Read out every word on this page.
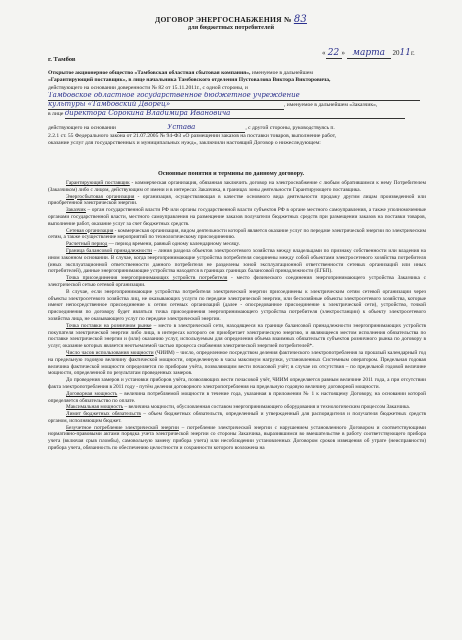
ДОГОВОР ЭНЕРГОСНАБЖЕНИЯ № 83
для бюджетных потребителей
г. Тамбов
« 22 » марта 2011г.
Открытое акционерное общество «Тамбовская областная сбытовая компания», именуемое в дальнейшем
«Гарантирующий поставщик», в лице начальника Тамбовского отделения Пустовалова Виктора Викторовича,
действующего на основании доверенности № 82 от 15.11.2011г., с одной стороны, и
Тамбовское областное государственное бюджетное учреждение
культуры «Тамбовский Дворец»	, именуемое в дальнейшем «Заказчик»,
в лице директора Сорокина Владимира Ивановича
действующего на основании	Устава	, с другой стороны, руководствуясь п.
2.2.1 ст. 55 Федерального закона от 21.07.2005 № 94-ФЗ «О размещении заказов на поставки товаров, выполнение работ,
оказание услуг для государственных и муниципальных нужд», заключили настоящий Договор о нижеследующем:
Основные понятия и термины по данному договору.

Гарантирующий поставщик - коммерческая организация, обязанная заключить договор на электроснабжение с любым обратившимся к нему Потребителем (Заказчиком) либо с лицом, действующим от имени и в интересах Заказчика, в границах зоны деятельности Гарантирующего поставщика.

Энергосбытовая организация - организация, осуществляющая в качестве основного вида деятельности продажу другим лицам произведенной или приобретенной электрической энергии.

Заказчик – орган государственной власти РФ или органы государственной власти субъектов РФ в органе местного самоуправления, а также уполномоченные органами государственной власти, местного самоуправления на размещение заказов получатели бюджетных средств при размещении заказов на поставки товаров, выполнение работ, оказание услуг за счет бюджетных средств.

Сетевая организация - коммерческая организация, видом деятельности которой является оказание услуг по передаче электрической энергии по электрическим сетям, а также осуществление мероприятий по технологическому присоединению.

Расчетный период — период времени, равный одному календарному месяцу.

Граница балансовой принадлежности – линия раздела объектов электросетевого хозяйства между владельцами по признаку собственности или владения на ином законном основании. В случае, когда энергопринимающие устройства потребителя соединены между собой объектами электросетевого хозяйства потребителя (иных эксплуатационной ответственности данного потребителя не разделены зоной эксплуатационной ответственности сетевых организаций или иных потребителей), данные энергопринимающие устройства находятся в границах границах балансовой принадлежности (ЕГБП).

Точка присоединения энергопринимающих устройств потребителя - место физического соединения энергопринимающего устройства Заказчика с электрической сетью сетевой организации.

В случае, если энергопринимающие устройства потребителя электрической энергии присоединены к электрическим сетям сетевой организации через объекты электросетевого хозяйства лиц, не оказывающих услуги по передаче электрической энергии, или бесхозяйные объекты электросетевого хозяйства, которые имеют непосредственное присоединение к сетям сетевых организаций (далее - опосредованное присоединение к электрической сети), устройство, точкой присоединения по договору будет являться точка присоединения энергопринимающего устройства потребителя (электростанции) к объекту электросетевого хозяйства лица, не оказывающего услуг по передаче электрической энергии.

Точка поставки на розничном рынке – место в электрической сети, находящееся на границе балансовой принадлежности энергопринимающих устройств покупателя электрической энергии либо лица, в интересах которого он приобретает электрическую энергию, и являющееся местом исполнения обязательства по поставке электрической энергии и (или) оказанию услуг, используемым для определения объема взаимных обязательств субъектов розничного рынка по договору в услуг, оказание которых является неотъемлемой частью процесса снабжения электрической энергией потребителей*.

Число часов использования мощности (ЧИИМ) – число, определенное посредством деления фактического электропотребления за прошлый календарный год на предельную годовую величину фактической мощности, определенную в часы максимум нагрузки, установленных Системным оператором. Предельная годовая величина фактической мощности определяется по приборам учёта, позволяющим вести почасовой учёт; в случае их отсутствия – по предельной годовой величине мощности, определенной по результатам проведенных замеров.

До проведения замеров и установки приборов учёта, позволяющих вести почасовой учёт, ЧИИМ определяется равным величине 2011 года, а при отсутствии факта электропотребления в 2011 году - путём деления договорного электропотребления на предельную годовую величину договорной мощности.

Договорная мощность – величина потребляемой мощности в течение года, указанная в приложении № 1 к настоящему Договору, на основании которой определяется обязательство по оплате.

Максимальная мощность – величина мощности, обусловленная составом энергопринимающего оборудования и технологическим процессом Заказчика.

Лимит бюджетных обязательств – объем бюджетных обязательств, определенный и утвержденный для распорядителя и получателя бюджетных средств органом, исполняющим бюджет.

Безучетное потребление электрической энергии – потребление электрической энергии с нарушением установленного Договором и соответствующими нормативно-правовыми актами порядка учета электрической энергии со стороны Заказчика, выразившимся во вмешательстве в работу соответствующего прибора учета (включая срыв пломбы), самовольную замену прибора учета) или несоблюдении установленных Договором сроков извещения об утрате (неисправности) прибора учета, обязанность по обеспечению целостности и сохранности которого возложена на
